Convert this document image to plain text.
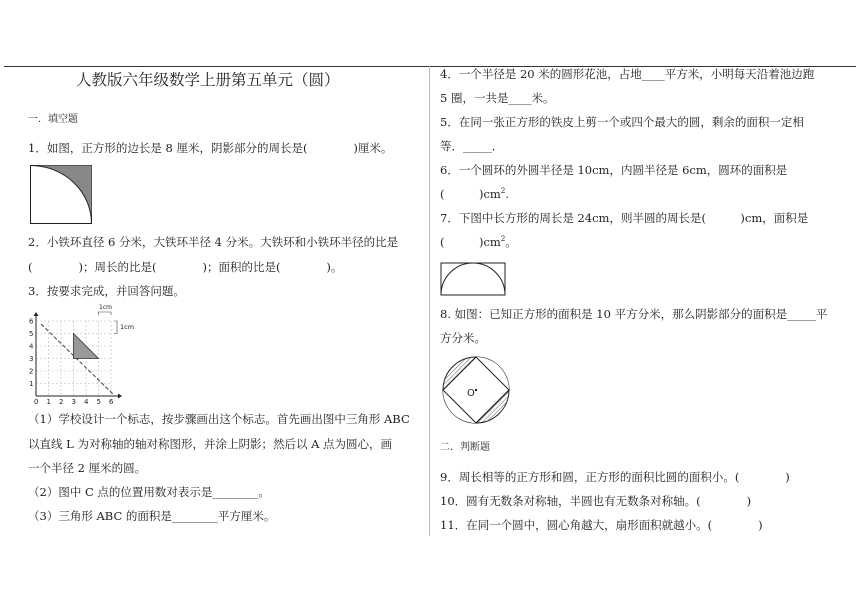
人教版六年级数学上册第五单元（圆）
一．填空题
1．如图，正方形的边长是 8 厘米，阴影部分的周长是(　　　　)厘米。
2．小铁环直径 6 分米，大铁环半径 4 分米。大铁环和小铁环半径的比是
(　　　　)；周长的比是(　　　　)；面积的比是(　　　　)。
3．按要求完成，并回答问题。
0 1 2 3 4 5 6
1
2
3
4
5
6
1cm
1cm
（1）学校设计一个标志，按步骤画出这个标志。首先画出图中三角形 ABC
以直线 L 为对称轴的轴对称图形，并涂上阴影；然后以 A 点为圆心，画
一个半径 2 厘米的圆。
（2）图中 C 点的位置用数对表示是________。
（3）三角形 ABC 的面积是________平方厘米。
4．一个半径是 20 米的圆形花池，占地____平方米，小明每天沿着池边跑
5 圈，一共是____米。
5．在同一张正方形的铁皮上剪一个或四个最大的圆，剩余的面积一定相
等．_____．
6．一个圆环的外圆半径是 10cm，内圆半径是 6cm，圆环的面积是
(　　　)$cm^2$.
7．下图中长方形的周长是 24cm，则半圆的周长是(　　　)cm，面积是
(　　　)$cm^2$。
8. 如图：已知正方形的面积是 10 平方分米，那么阴影部分的面积是_____平
方分米。
O
二．判断题
9．周长相等的正方形和圆，正方形的面积比圆的面积小。(　　　　)
10．圆有无数条对称轴，半圆也有无数条对称轴。(　　　　)
11．在同一个圆中，圆心角越大，扇形面积就越小。(　　　　)
